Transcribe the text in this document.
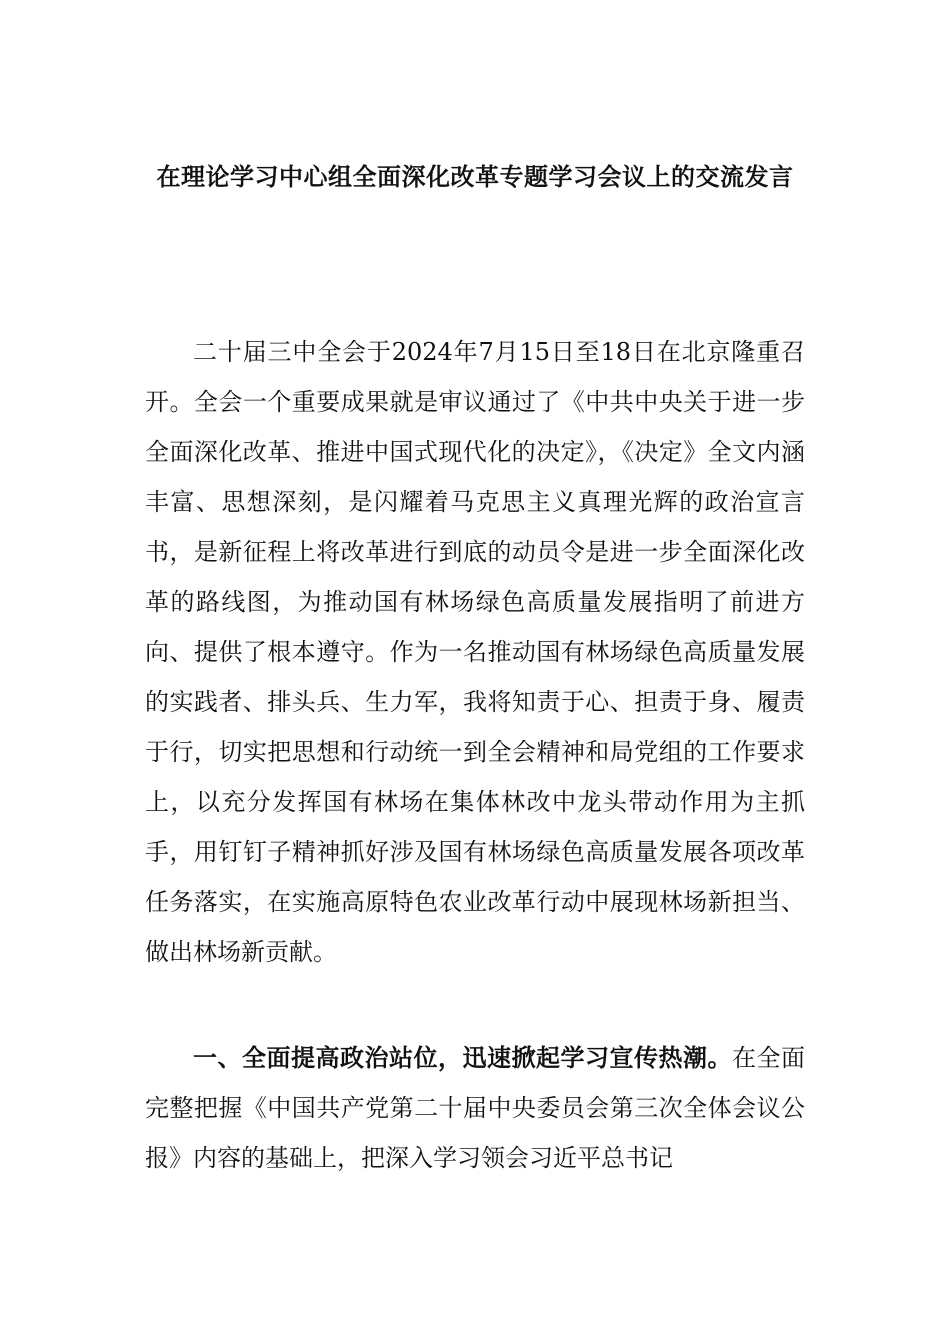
在理论学习中心组全面深化改革专题学习会议上的交流发言

二十届三中全会于2024年7月15日至18日在北京隆重召开。全会一个重要成果就是审议通过了《中共中央关于进一步全面深化改革、推进中国式现代化的决定》，《决定》全文内涵丰富、思想深刻，是闪耀着马克思主义真理光辉的政治宣言书，是新征程上将改革进行到底的动员令是进一步全面深化改革的路线图，为推动国有林场绿色高质量发展指明了前进方向、提供了根本遵守。作为一名推动国有林场绿色高质量发展的实践者、排头兵、生力军，我将知责于心、担责于身、履责于行，切实把思想和行动统一到全会精神和局党组的工作要求上，以充分发挥国有林场在集体林改中龙头带动作用为主抓手，用钉钉子精神抓好涉及国有林场绿色高质量发展各项改革任务落实，在实施高原特色农业改革行动中展现林场新担当、做出林场新贡献。

一、全面提高政治站位，迅速掀起学习宣传热潮。在全面完整把握《中国共产党第二十届中央委员会第三次全体会议公报》内容的基础上，把深入学习领会习近平总书记
